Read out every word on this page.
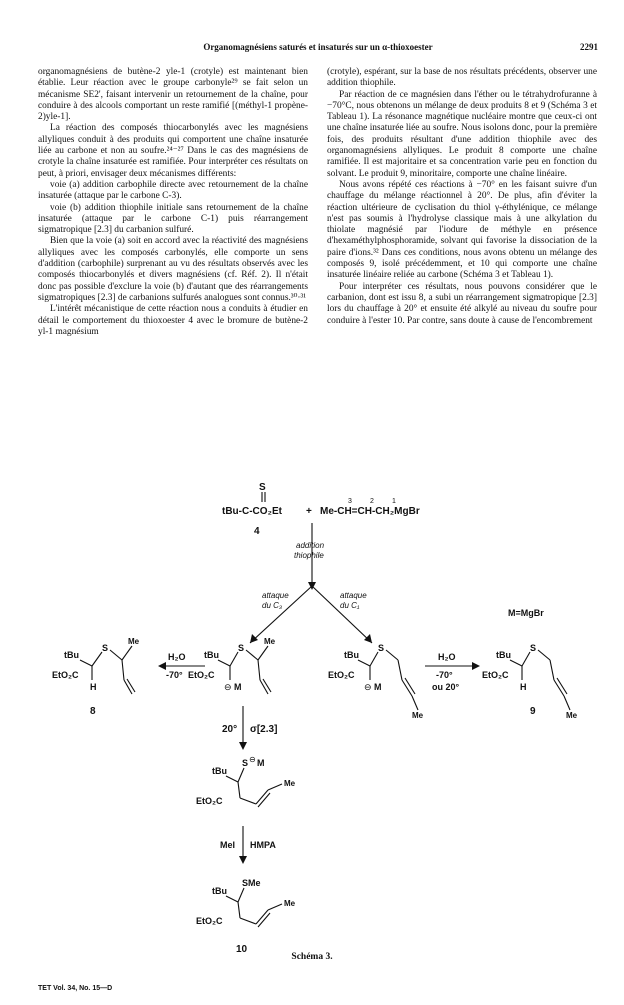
Organomagnésiens saturés et insaturés sur un α-thioxoester	2291

organomagnésiens de butène-2 yle-1 (crotyle) est maintenant bien établie. Leur réaction avec le groupe carbonyle²⁹ se fait selon un mécanisme SE2', faisant intervenir un retournement de la chaîne, pour conduire à des alcools comportant un reste ramifié [(méthyl-1 propène-2)yle-1].

La réaction des composés thiocarbonylés avec les magnésiens allyliques conduit à des produits qui comportent une chaîne insaturée liée au carbone et non au soufre.²⁴⁻²⁷ Dans le cas des magnésiens de crotyle la chaîne insaturée est ramifiée. Pour interpréter ces résultats on peut, à priori, envisager deux mécanismes différents:

voie (a) addition carbophile directe avec retournement de la chaîne insaturée (attaque par le carbone C-3).

voie (b) addition thiophile initiale sans retournement de la chaîne insaturée (attaque par le carbone C-1) puis réarrangement sigmatropique [2.3] du carbanion sulfuré.

Bien que la voie (a) soit en accord avec la réactivité des magnésiens allyliques avec les composés carbonylés, elle comporte un sens d'addition (carbophile) surprenant au vu des résultats observés avec les composés thiocarbonylés et divers magnésiens (cf. Réf. 2). Il n'était donc pas possible d'exclure la voie (b) d'autant que des réarrangements sigmatropiques [2.3] de carbanions sulfurés analogues sont connus.³⁰·³¹

L'intérêt mécanistique de cette réaction nous a conduits à étudier en détail le comportement du thioxoester 4 avec le bromure de butène-2 yl-1 magnésium

(crotyle), espérant, sur la base de nos résultats précédents, observer une addition thiophile.

Par réaction de ce magnésien dans l'éther ou le tétrahydrofuranne à −70°C, nous obtenons un mélange de deux produits 8 et 9 (Schéma 3 et Tableau 1). La résonance magnétique nucléaire montre que ceux-ci ont une chaîne insaturée liée au soufre. Nous isolons donc, pour la première fois, des produits résultant d'une addition thiophile avec des organomagnésiens allyliques. Le produit 8 comporte une chaîne ramifiée. Il est majoritaire et sa concentration varie peu en fonction du solvant. Le produit 9, minoritaire, comporte une chaîne linéaire.

Nous avons répété ces réactions à −70° en les faisant suivre d'un chauffage du mélange réactionnel à 20°. De plus, afin d'éviter la réaction ultérieure de cyclisation du thiol γ-éthylénique, ce mélange n'est pas soumis à l'hydrolyse classique mais à une alkylation du thiolate magnésié par l'iodure de méthyle en présence d'hexaméthylphosphoramide, solvant qui favorise la dissociation de la paire d'ions.³² Dans ces conditions, nous avons obtenu un mélange des composés 9, isolé précédemment, et 10 qui comporte une chaîne insaturée linéaire reliée au carbone (Schéma 3 et Tableau 1).

Pour interpréter ces résultats, nous pouvons considérer que le carbanion, dont est issu 8, a subi un réarrangement sigmatropique [2.3] lors du chauffage à 20° et ensuite été alkylé au niveau du soufre pour conduire à l'ester 10. Par contre, sans doute à cause de l'encombrement

S
tBu-C-CO₂Et + Me-CH=CH-CH₂MgBr
3	2	1
4
addition
thiophile
attaque
du C₃
attaque
du C₁
M=MgBr
tBu
S
Me
EtO₂C
H
8
H₂O
-70°
tBu
S
Me
EtO₂C
⊖ M
tBu
S
EtO₂C
⊖ M
Me
H₂O
-70°
ou 20°
tBu
S
EtO₂C
H
Me
9
20° σ[2.3]
tBu
S ⊖ M
Me
EtO₂C
MeI HMPA
tBu
SMe
Me
EtO₂C
10
Schéma 3.
TET Vol. 34, No. 15—D
